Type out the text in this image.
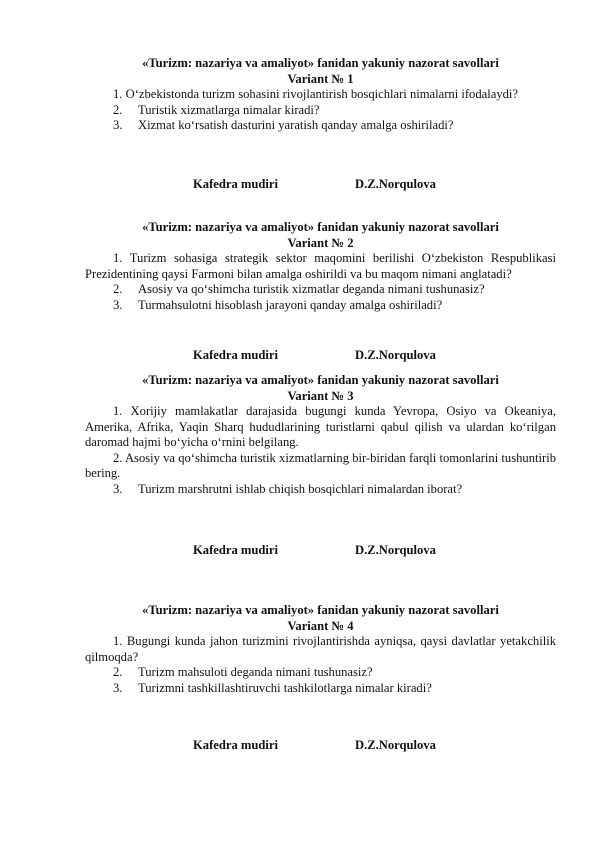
«Turizm: nazariya va amaliyot» fanidan yakuniy nazorat savollari
Variant № 1
1. O‘zbekistonda turizm sohasini rivojlantirish bosqichlari nimalarni ifodalaydi?
2. Turistik xizmatlarga nimalar kiradi?
3. Xizmat ko‘rsatish dasturini yaratish qanday amalga oshiriladi?
Kafedra mudiri	D.Z.Norqulova
«Turizm: nazariya va amaliyot» fanidan yakuniy nazorat savollari
Variant № 2
1. Turizm sohasiga strategik sektor maqomini berilishi O‘zbekiston Respublikasi Prezidentining qaysi Farmoni bilan amalga oshirildi va bu maqom nimani anglatadi?
2. Asosiy va qo‘shimcha turistik xizmatlar deganda nimani tushunasiz?
3. Turmahsulotni hisoblash jarayoni qanday amalga oshiriladi?
Kafedra mudiri	D.Z.Norqulova
«Turizm: nazariya va amaliyot» fanidan yakuniy nazorat savollari
Variant № 3
1. Xorijiy mamlakatlar darajasida bugungi kunda Yevropa, Osiyo va Okeaniya, Amerika, Afrika, Yaqin Sharq hududlarining turistlarni qabul qilish va ulardan ko‘rilgan daromad hajmi bo‘yicha o‘rnini belgilang.
2. Asosiy va qo‘shimcha turistik xizmatlarning bir-biridan farqli tomonlarini tushuntirib bering.
3. Turizm marshrutni ishlab chiqish bosqichlari nimalardan iborat?
Kafedra mudiri	D.Z.Norqulova
«Turizm: nazariya va amaliyot» fanidan yakuniy nazorat savollari
Variant № 4
1. Bugungi kunda jahon turizmini rivojlantirishda ayniqsa, qaysi davlatlar yetakchilik qilmoqda?
2. Turizm mahsuloti deganda nimani tushunasiz?
3. Turizmni tashkillashtiruvchi tashkilotlarga nimalar kiradi?
Kafedra mudiri	D.Z.Norqulova
